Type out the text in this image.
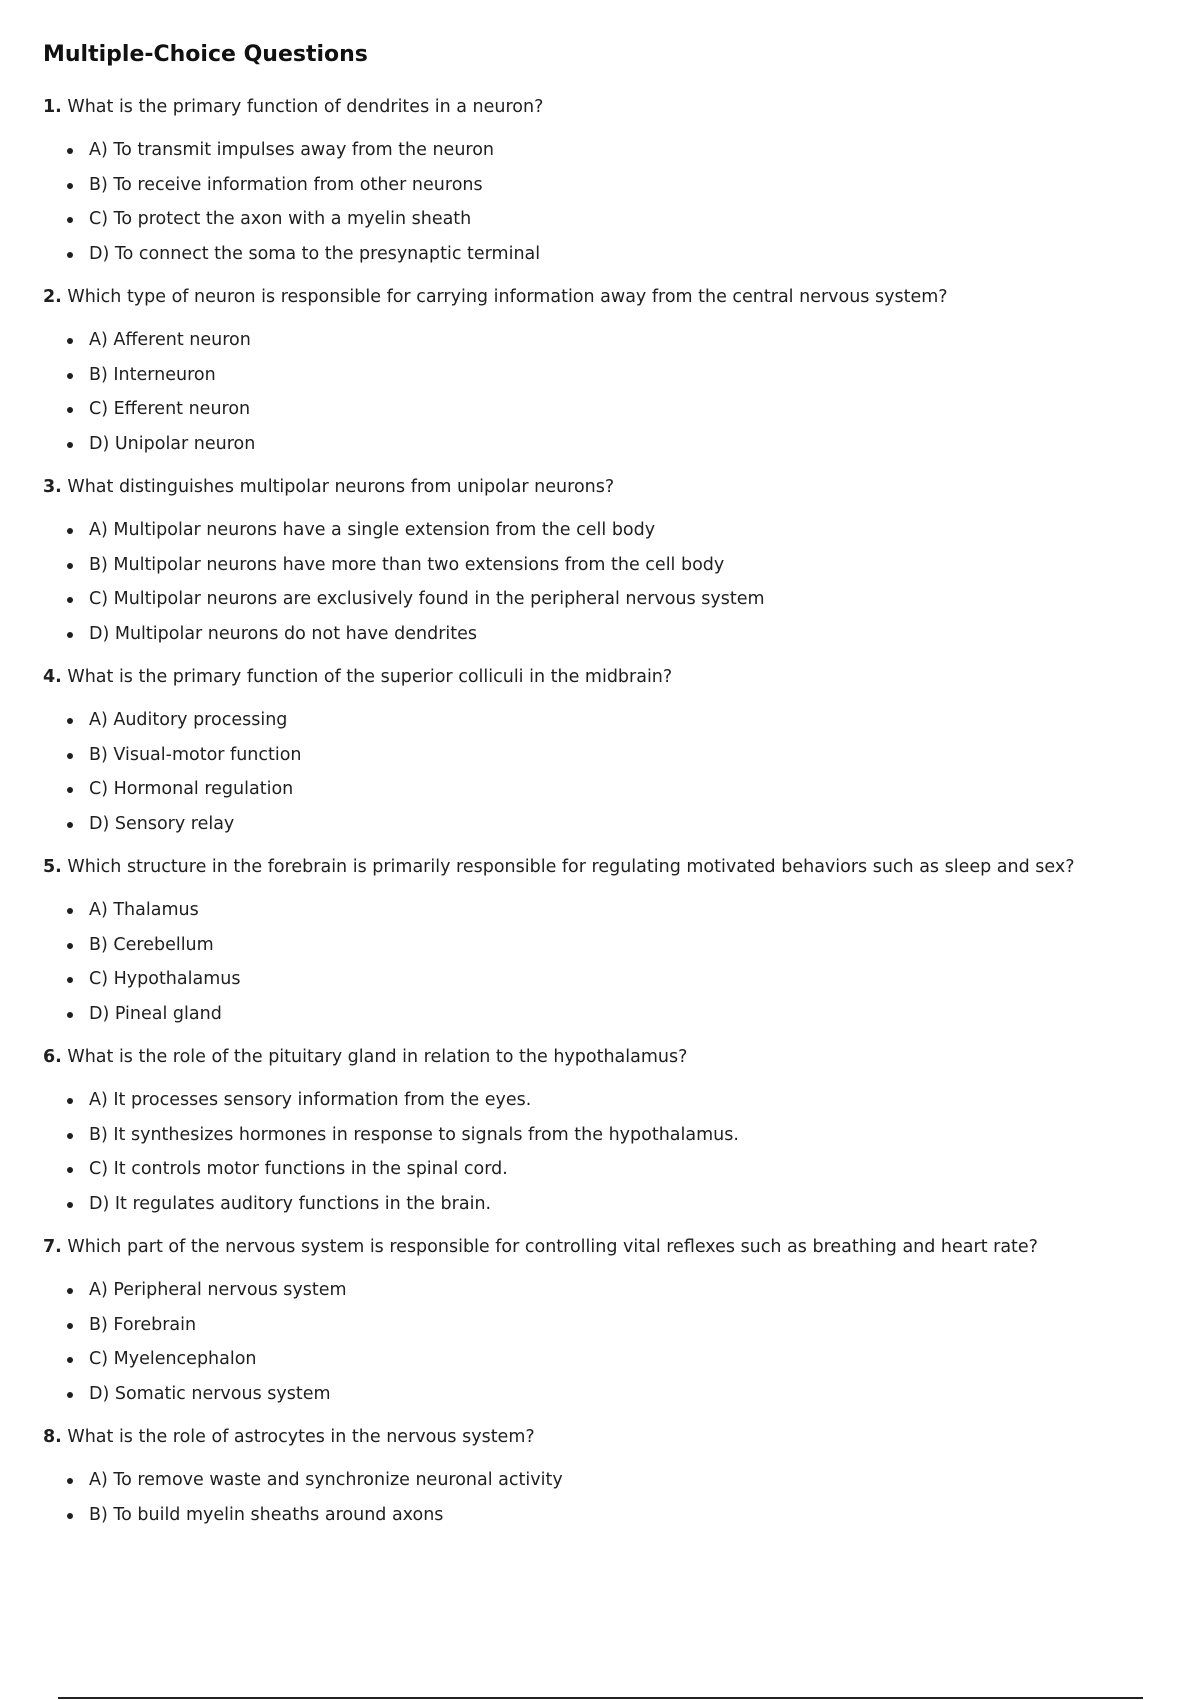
Multiple-Choice Questions

1. What is the primary function of dendrites in a neuron?

A) To transmit impulses away from the neuron
B) To receive information from other neurons
C) To protect the axon with a myelin sheath
D) To connect the soma to the presynaptic terminal

2. Which type of neuron is responsible for carrying information away from the central nervous system?

A) Afferent neuron
B) Interneuron
C) Efferent neuron
D) Unipolar neuron

3. What distinguishes multipolar neurons from unipolar neurons?

A) Multipolar neurons have a single extension from the cell body
B) Multipolar neurons have more than two extensions from the cell body
C) Multipolar neurons are exclusively found in the peripheral nervous system
D) Multipolar neurons do not have dendrites

4. What is the primary function of the superior colliculi in the midbrain?

A) Auditory processing
B) Visual-motor function
C) Hormonal regulation
D) Sensory relay

5. Which structure in the forebrain is primarily responsible for regulating motivated behaviors such as sleep and sex?

A) Thalamus
B) Cerebellum
C) Hypothalamus
D) Pineal gland

6. What is the role of the pituitary gland in relation to the hypothalamus?

A) It processes sensory information from the eyes.
B) It synthesizes hormones in response to signals from the hypothalamus.
C) It controls motor functions in the spinal cord.
D) It regulates auditory functions in the brain.

7. Which part of the nervous system is responsible for controlling vital reflexes such as breathing and heart rate?

A) Peripheral nervous system
B) Forebrain
C) Myelencephalon
D) Somatic nervous system

8. What is the role of astrocytes in the nervous system?

A) To remove waste and synchronize neuronal activity
B) To build myelin sheaths around axons
